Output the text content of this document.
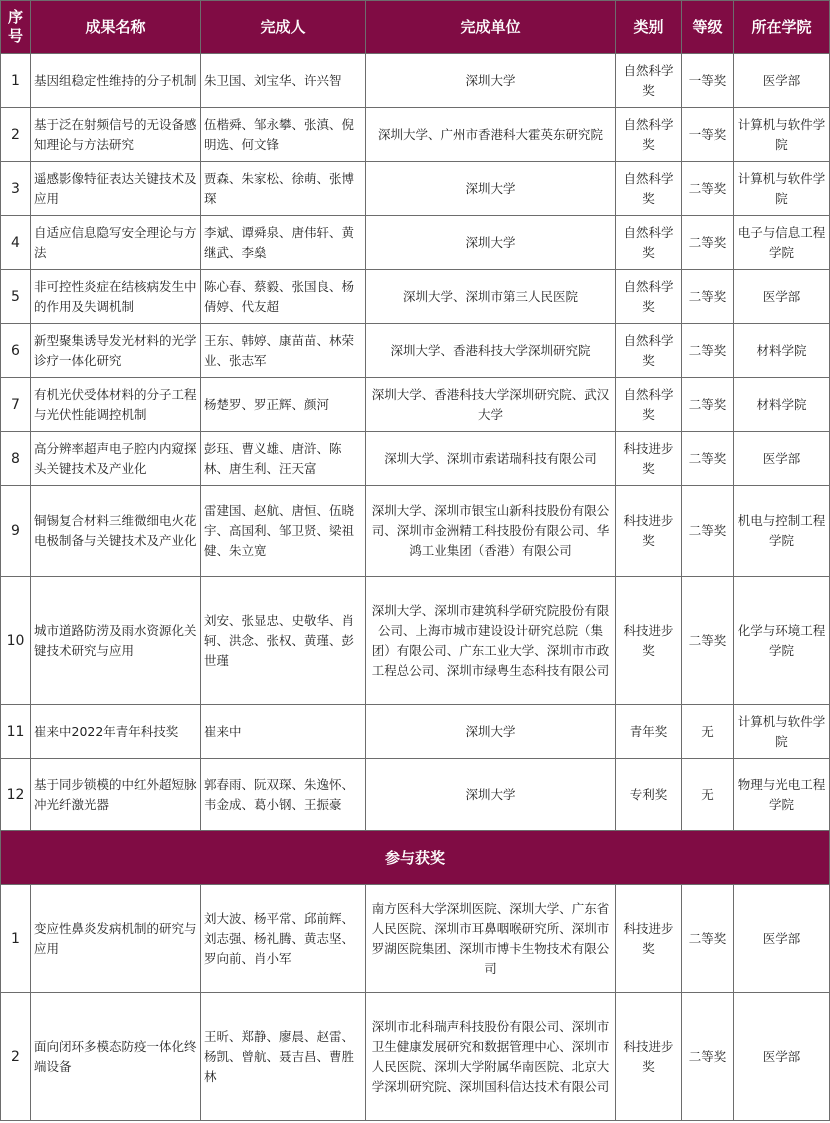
序号	成果名称	完成人	完成单位	类别	等级	所在学院
1	基因组稳定性维持的分子机制	朱卫国、刘宝华、许兴智	深圳大学	自然科学奖	一等奖	医学部
2	基于泛在射频信号的无设备感知理论与方法研究	伍楷舜、邹永攀、张滇、倪明选、何文锋	深圳大学、广州市香港科大霍英东研究院	自然科学奖	一等奖	计算机与软件学院
3	遥感影像特征表达关键技术及应用	贾森、朱家松、徐萌、张博琛	深圳大学	自然科学奖	二等奖	计算机与软件学院
4	自适应信息隐写安全理论与方法	李斌、谭舜泉、唐伟轩、黄继武、李燊	深圳大学	自然科学奖	二等奖	电子与信息工程学院
5	非可控性炎症在结核病发生中的作用及失调机制	陈心春、蔡毅、张国良、杨倩婷、代友超	深圳大学、深圳市第三人民医院	自然科学奖	二等奖	医学部
6	新型聚集诱导发光材料的光学诊疗一体化研究	王东、韩婷、康苗苗、林荣业、张志军	深圳大学、香港科技大学深圳研究院	自然科学奖	二等奖	材料学院
7	有机光伏受体材料的分子工程与光伏性能调控机制	杨楚罗、罗正辉、颜河	深圳大学、香港科技大学深圳研究院、武汉大学	自然科学奖	二等奖	材料学院
8	高分辨率超声电子腔内内窥探头关键技术及产业化	彭珏、曹义雄、唐浒、陈林、唐生利、汪天富	深圳大学、深圳市索诺瑞科技有限公司	科技进步奖	二等奖	医学部
9	铜锡复合材料三维微细电火花电极制备与关键技术及产业化	雷建国、赵航、唐恒、伍晓宇、高国利、邹卫贤、梁祖健、朱立宽	深圳大学、深圳市银宝山新科技股份有限公司、深圳市金洲精工科技股份有限公司、华鸿工业集团（香港）有限公司	科技进步奖	二等奖	机电与控制工程学院
10	城市道路防涝及雨水资源化关键技术研究与应用	刘安、张显忠、史敬华、肖轲、洪念、张权、黄瑾、彭世瑾	深圳大学、深圳市建筑科学研究院股份有限公司、上海市城市建设设计研究总院（集团）有限公司、广东工业大学、深圳市市政工程总公司、深圳市绿粤生态科技有限公司	科技进步奖	二等奖	化学与环境工程学院
11	崔来中2022年青年科技奖	崔来中	深圳大学	青年奖	无	计算机与软件学院
12	基于同步锁模的中红外超短脉冲光纤激光器	郭春雨、阮双琛、朱逸怀、韦金成、葛小钢、王振豪	深圳大学	专利奖	无	物理与光电工程学院
参与获奖						
1	变应性鼻炎发病机制的研究与应用	刘大波、杨平常、邱前辉、刘志强、杨礼腾、黄志坚、罗向前、肖小军	南方医科大学深圳医院、深圳大学、广东省人民医院、深圳市耳鼻咽喉研究所、深圳市罗湖医院集团、深圳市博卡生物技术有限公司	科技进步奖	二等奖	医学部
2	面向闭环多模态防疫一体化终端设备	王昕、郑静、廖晨、赵雷、杨凯、曾航、聂吉昌、曹胜林	深圳市北科瑞声科技股份有限公司、深圳市卫生健康发展研究和数据管理中心、深圳市人民医院、深圳大学附属华南医院、北京大学深圳研究院、深圳国科信达技术有限公司	科技进步奖	二等奖	医学部
